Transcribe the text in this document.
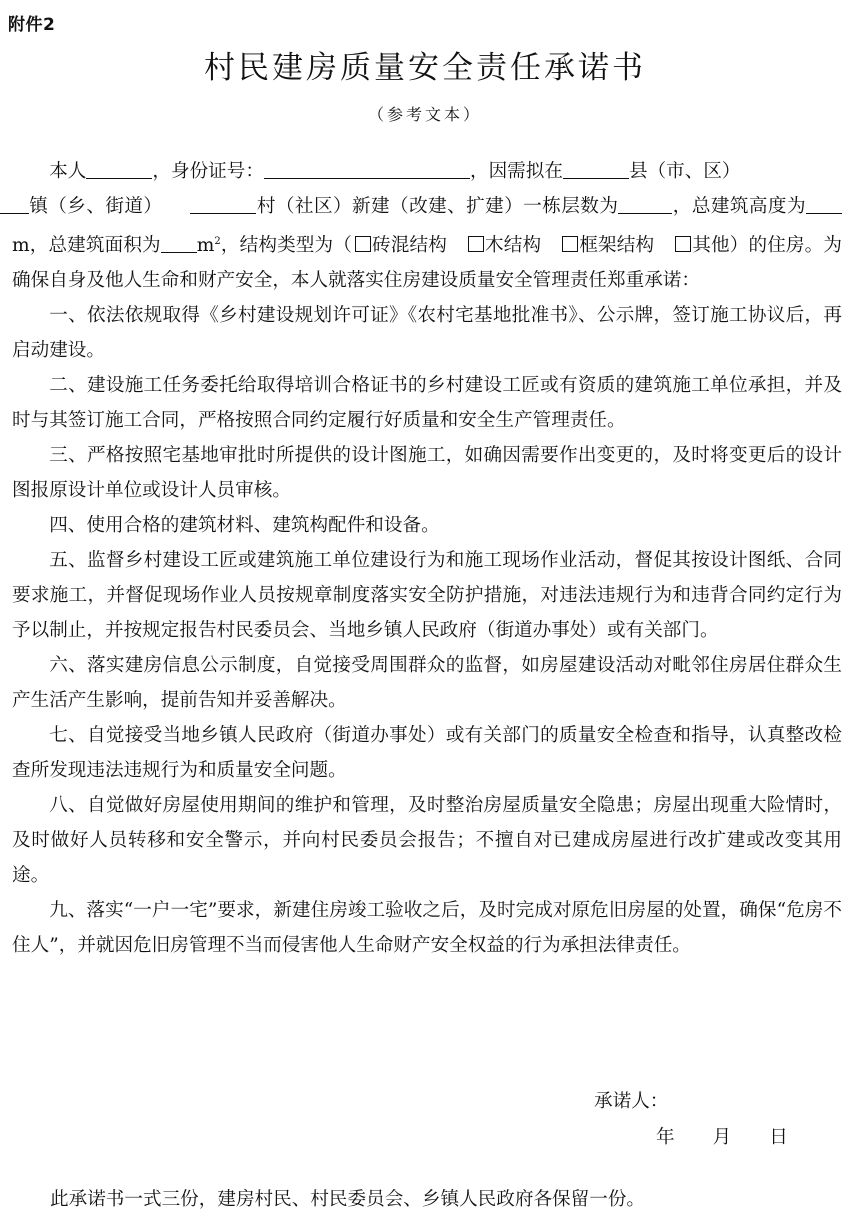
附件2
村民建房质量安全责任承诺书
（参考文本）

本人	，身份证号：	，因需拟在	县（市、区）
镇（乡、街道）	村（社区）新建（改建、扩建）一栋层数为	，总建筑高度为m，总建筑面积为 $m^2$，结构类型为（ 砖混结构 木结构 框架结构 其他）的住房。为确保自身及他人生命和财产安全，本人就落实住房建设质量安全管理责任郑重承诺：

一、依法依规取得《乡村建设规划许可证》《农村宅基地批准书》、公示牌，签订施工协议后，再启动建设。

二、建设施工任务委托给取得培训合格证书的乡村建设工匠或有资质的建筑施工单位承担，并及时与其签订施工合同，严格按照合同约定履行好质量和安全生产管理责任。

三、严格按照宅基地审批时所提供的设计图施工，如确因需要作出变更的，及时将变更后的设计图报原设计单位或设计人员审核。

四、使用合格的建筑材料、建筑构配件和设备。

五、监督乡村建设工匠或建筑施工单位建设行为和施工现场作业活动，督促其按设计图纸、合同要求施工，并督促现场作业人员按规章制度落实安全防护措施，对违法违规行为和违背合同约定行为予以制止，并按规定报告村民委员会、当地乡镇人民政府（街道办事处）或有关部门。

六、落实建房信息公示制度，自觉接受周围群众的监督，如房屋建设活动对毗邻住房居住群众生产生活产生影响，提前告知并妥善解决。

七、自觉接受当地乡镇人民政府（街道办事处）或有关部门的质量安全检查和指导，认真整改检查所发现违法违规行为和质量安全问题。

八、自觉做好房屋使用期间的维护和管理，及时整治房屋质量安全隐患；房屋出现重大险情时，及时做好人员转移和安全警示，并向村民委员会报告；不擅自对已建成房屋进行改扩建或改变其用途。

九、落实“一户一宅”要求，新建住房竣工验收之后，及时完成对原危旧房屋的处置，确保“危房不住人”，并就因危旧房管理不当而侵害他人生命财产安全权益的行为承担法律责任。

承诺人：
年 月 日
此承诺书一式三份，建房村民、村民委员会、乡镇人民政府各保留一份。
